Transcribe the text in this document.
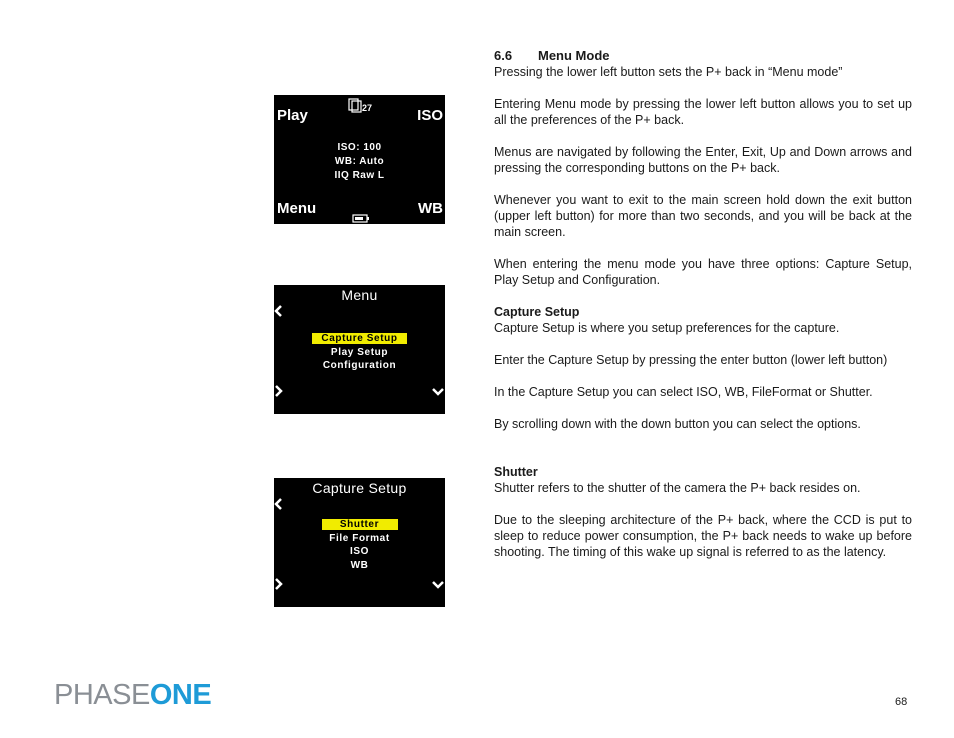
Play	ISO
27
ISO: 100
WB: Auto
IIQ Raw L
Menu	WB
Menu
Capture Setup
Play Setup
Configuration
Capture Setup
Shutter
File Format
ISO
WB
6.6 Menu Mode

Pressing the lower left button sets the P+ back in “Menu mode”

Entering Menu mode by pressing the lower left button allows you to set up all the preferences of the P+ back.

Menus are navigated by following the Enter, Exit, Up and Down arrows and pressing the corresponding buttons on the P+ back.

Whenever you want to exit to the main screen hold down the exit button (upper left button) for more than two seconds, and you will be back at the main screen.

When entering the menu mode you have three options: Capture Setup, Play Setup and Configuration.

Capture Setup

Capture Setup is where you setup preferences for the capture.

Enter the Capture Setup by pressing the enter button (lower left button)

In the Capture Setup you can select ISO, WB, FileFormat or Shutter.

By scrolling down with the down button you can select the options.

Shutter

Shutter refers to the shutter of the camera the P+ back resides on.

Due to the sleeping architecture of the P+ back, where the CCD is put to sleep to reduce power consumption, the P+ back needs to wake up before shooting. The timing of this wake up signal is referred to as the latency.

PHASEONE	68
